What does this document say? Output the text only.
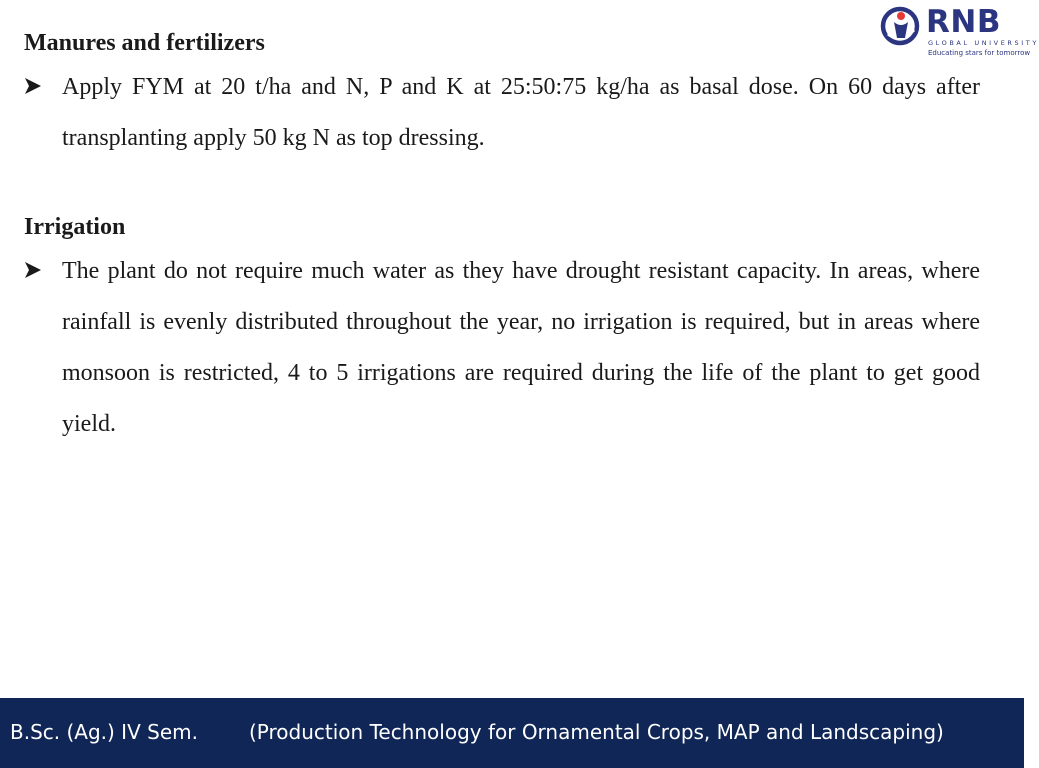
RNB
GLOBAL UNIVERSITY
Educating stars for tomorrow

Manures and fertilizers

Apply FYM at 20 t/ha and N, P and K at 25:50:75 kg/ha as basal dose. On 60 days after transplanting apply 50 kg N as top dressing.

Irrigation

The plant do not require much water as they have drought resistant capacity. In areas, where rainfall is evenly distributed throughout the year, no irrigation is required, but in areas where monsoon is restricted, 4 to 5 irrigations are required during the life of the plant to get good yield.

B.Sc. (Ag.) IV Sem.	(Production Technology for Ornamental Crops, MAP and Landscaping)
